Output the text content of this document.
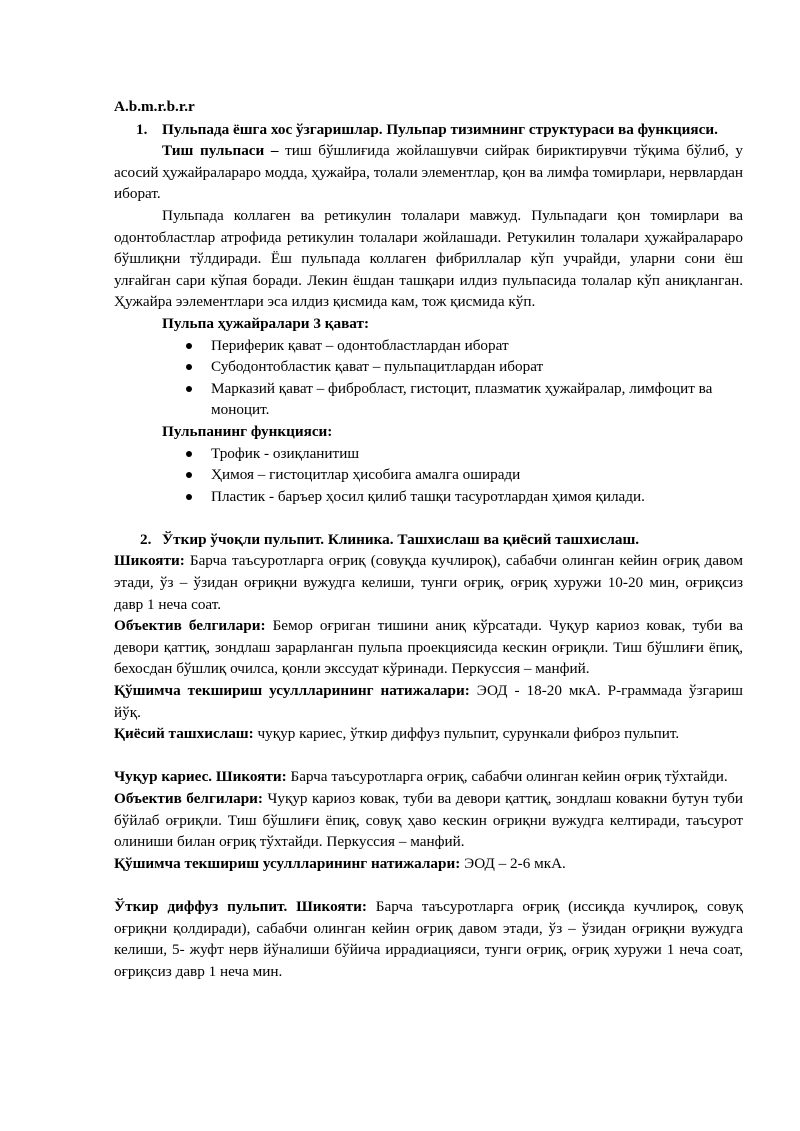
A.b.m.r.b.r.r

1. Пульпада ёшга хос ўзгаришлар. Пульпар тизимнинг структураси ва функцияси.

Тиш пульпаси – тиш бўшлиғида жойлашувчи сийрак бириктирувчи тўқима бўлиб, у асосий ҳужайралараро модда, ҳужайра, толали элементлар, қон ва лимфа томирлари, нервлардан иборат.

Пульпада коллаген ва ретикулин толалари мавжуд. Пульпадаги қон томирлари ва одонтобластлар атрофида ретикулин толалари жойлашади. Ретукилин толалари ҳужайралараро бўшлиқни тўлдиради. Ёш пульпада коллаген фибриллалар кўп учрайди, уларни сони ёш улғайган сари кўпая боради. Лекин ёшдан ташқари илдиз пульпасида толалар кўп аниқланган. Ҳужайра ээлементлари эса илдиз қисмида кам, тож қисмида кўп.

Пульпа ҳужайралари 3 қават:

Периферик қават – одонтобластлардан иборат
Субодонтобластик қават – пульпацитлардан иборат
Марказий қават – фибробласт, гистоцит, плазматик ҳужайралар, лимфоцит ва моноцит.

Пульпанинг функцияси:

Трофик - озиқланитиш
Ҳимоя – гистоцитлар ҳисобига амалга оширади
Пластик - баръер ҳосил қилиб ташқи тасуротлардан ҳимоя қилади.
2. Ўткир ўчоқли пульпит. Клиника. Ташхислаш ва қиёсий ташхислаш.

Шикояти: Барча таъсуротларга оғриқ (совуқда кучлироқ), сабабчи олинган кейин оғриқ давом этади, ўз – ўзидан оғриқни вужудга келиши, тунги оғриқ, оғриқ хуружи 10-20 мин, оғриқсиз давр 1 неча соат.

Объектив белгилари: Бемор оғриган тишини аниқ кўрсатади. Чуқур кариоз ковак, туби ва девори қаттиқ, зондлаш зарарланган пульпа проекциясида кескин оғриқли. Тиш бўшлиғи ёпиқ, бехосдан бўшлиқ очилса, қонли экссудат кўринади. Перкуссия – манфий.

Қўшимча текшириш усуллларининг натижалари: ЭОД - 18-20 мкА. Р-граммада ўзгариш йўқ.

Қиёсий ташхислаш: чуқур кариес, ўткир диффуз пульпит, сурункали фиброз пульпит.

Чуқур кариес. Шикояти: Барча таъсуротларга оғриқ, сабабчи олинган кейин оғриқ тўхтайди.

Объектив белгилари: Чуқур кариоз ковак, туби ва девори қаттиқ, зондлаш ковакни бутун туби бўйлаб оғриқли. Тиш бўшлиғи ёпиқ, совуқ ҳаво кескин оғриқни вужудга келтиради, таъсурот олиниши билан оғриқ тўхтайди. Перкуссия – манфий.

Қўшимча текшириш усуллларининг натижалари: ЭОД – 2-6 мкА.

Ўткир диффуз пульпит. Шикояти: Барча таъсуротларга оғриқ (иссиқда кучлироқ, совуқ оғриқни қолдиради), сабабчи олинган кейин оғриқ давом этади, ўз – ўзидан оғриқни вужудга келиши, 5- жуфт нерв йўналиши бўйича иррадиацияси, тунги оғриқ, оғриқ хуружи 1 неча соат, оғриқсиз давр 1 неча мин.
